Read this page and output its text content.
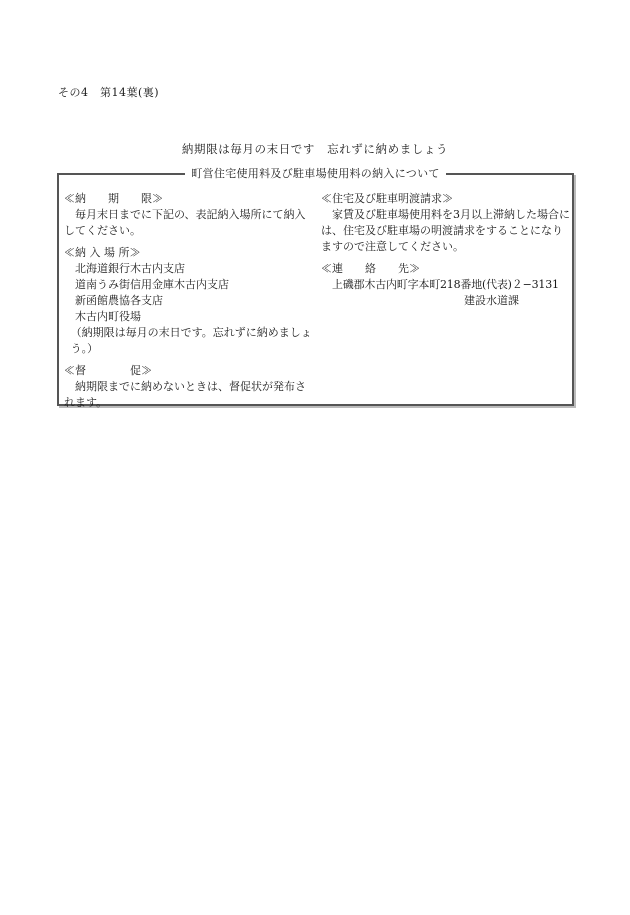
その4　第14葉(裏)
納期限は毎月の末日です　忘れずに納めましょう
町営住宅使用料及び駐車場使用料の納入について
≪納　　期　　限≫

毎月末日までに下記の、表記納入場所にて納入してください。

≪納 入 場 所≫
北海道銀行木古内支店
道南うみ街信用金庫木古内支店
新函館農協各支店
木古内町役場
（納期限は毎月の末日です。忘れずに納めましょう。）
≪督　　　　促≫

納期限までに納めないときは、督促状が発布されます。

≪住宅及び駐車明渡請求≫

家賃及び駐車場使用料を3月以上滞納した場合には、住宅及び駐車場の明渡請求をすることになりますので注意してください。

≪連　　絡　　先≫
上磯郡木古内町字本町218番地(代表)２−3131
建設水道課
